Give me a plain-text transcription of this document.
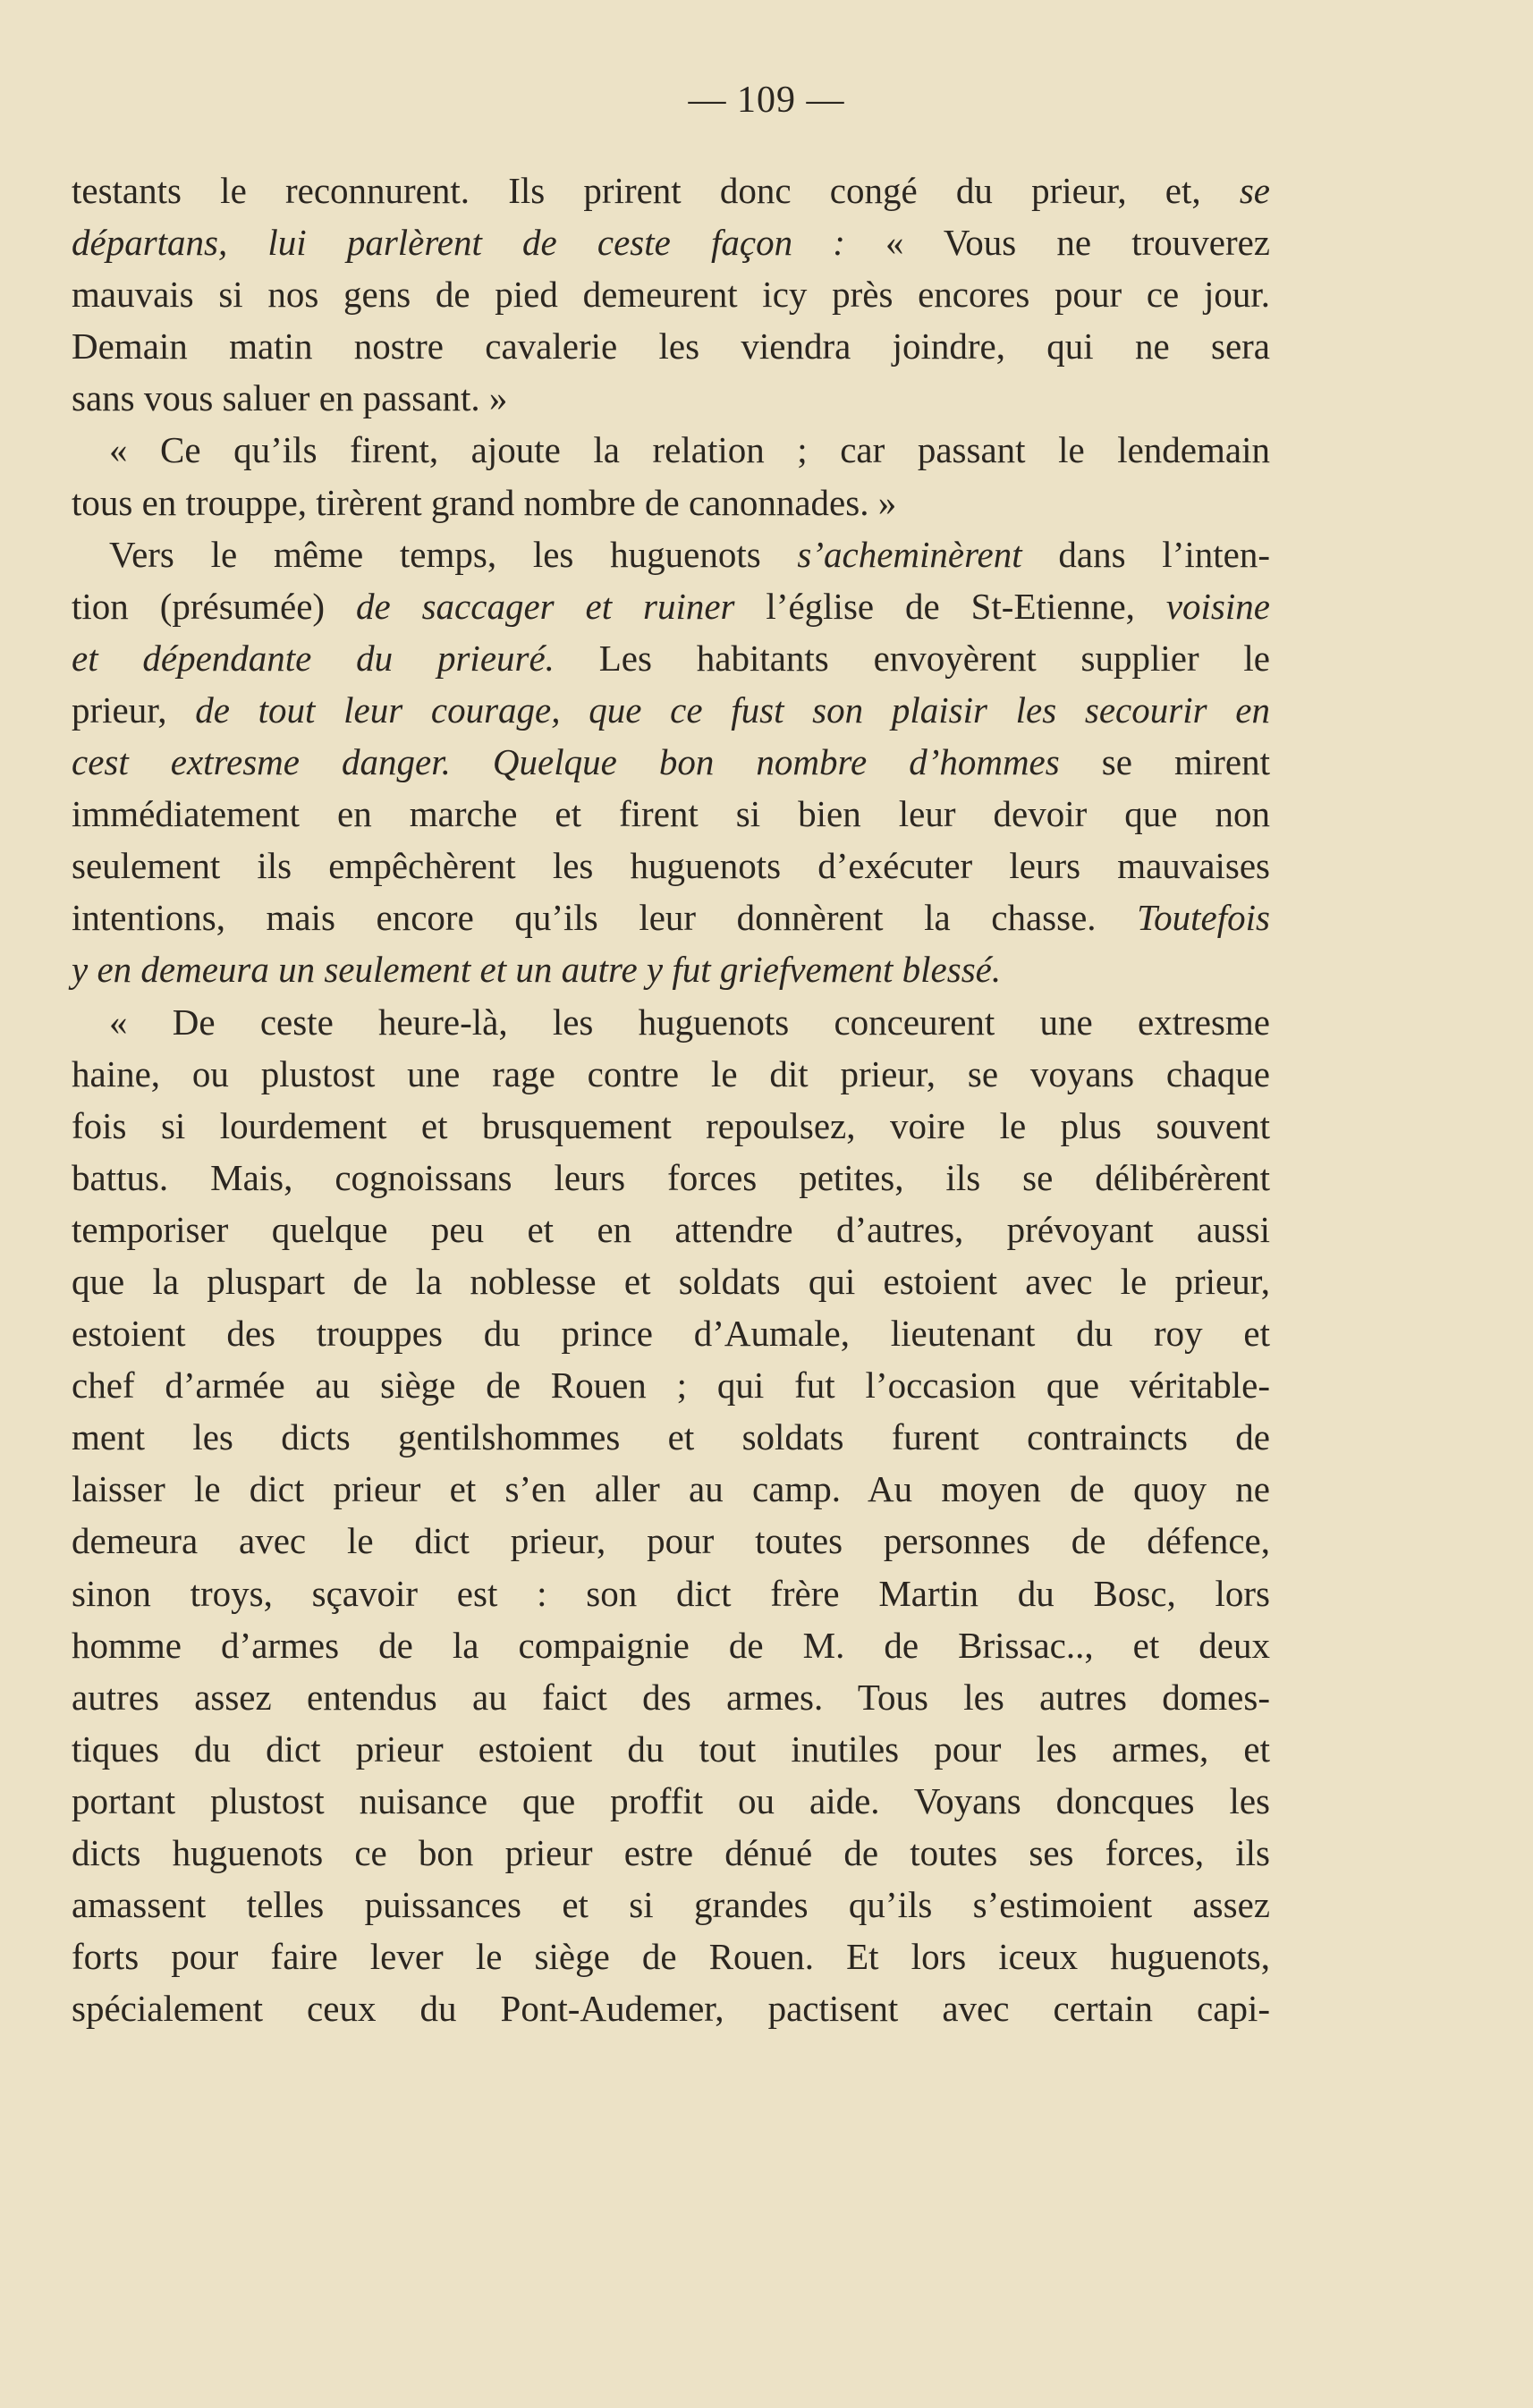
— 109 —
testants le reconnurent. Ils prirent donc congé du prieur, et, se
départans, lui parlèrent de ceste façon : « Vous ne trouverez
mauvais si nos gens de pied demeurent icy près encores pour ce jour.
Demain matin nostre cavalerie les viendra joindre, qui ne sera
sans vous saluer en passant. »
« Ce qu’ils firent, ajoute la relation ; car passant le lendemain
tous en trouppe, tirèrent grand nombre de canonnades. »
Vers le même temps, les huguenots s’acheminèrent dans l’inten-
tion (présumée) de saccager et ruiner l’église de St-Etienne, voisine
et dépendante du prieuré. Les habitants envoyèrent supplier le
prieur, de tout leur courage, que ce fust son plaisir les secourir en
cest extresme danger. Quelque bon nombre d’hommes se mirent
immédiatement en marche et firent si bien leur devoir que non
seulement ils empêchèrent les huguenots d’exécuter leurs mauvaises
intentions, mais encore qu’ils leur donnèrent la chasse. Toutefois
y en demeura un seulement et un autre y fut griefvement blessé.
« De ceste heure-là, les huguenots conceurent une extresme
haine, ou plustost une rage contre le dit prieur, se voyans chaque
fois si lourdement et brusquement repoulsez, voire le plus souvent
battus. Mais, cognoissans leurs forces petites, ils se délibérèrent
temporiser quelque peu et en attendre d’autres, prévoyant aussi
que la pluspart de la noblesse et soldats qui estoient avec le prieur,
estoient des trouppes du prince d’Aumale, lieutenant du roy et
chef d’armée au siège de Rouen ; qui fut l’occasion que véritable-
ment les dicts gentilshommes et soldats furent contraincts de
laisser le dict prieur et s’en aller au camp. Au moyen de quoy ne
demeura avec le dict prieur, pour toutes personnes de défence,
sinon troys, sçavoir est : son dict frère Martin du Bosc, lors
homme d’armes de la compaignie de M. de Brissac.., et deux
autres assez entendus au faict des armes. Tous les autres domes-
tiques du dict prieur estoient du tout inutiles pour les armes, et
portant plustost nuisance que proffit ou aide. Voyans doncques les
dicts huguenots ce bon prieur estre dénué de toutes ses forces, ils
amassent telles puissances et si grandes qu’ils s’estimoient assez
forts pour faire lever le siège de Rouen. Et lors iceux huguenots,
spécialement ceux du Pont-Audemer, pactisent avec certain capi-
